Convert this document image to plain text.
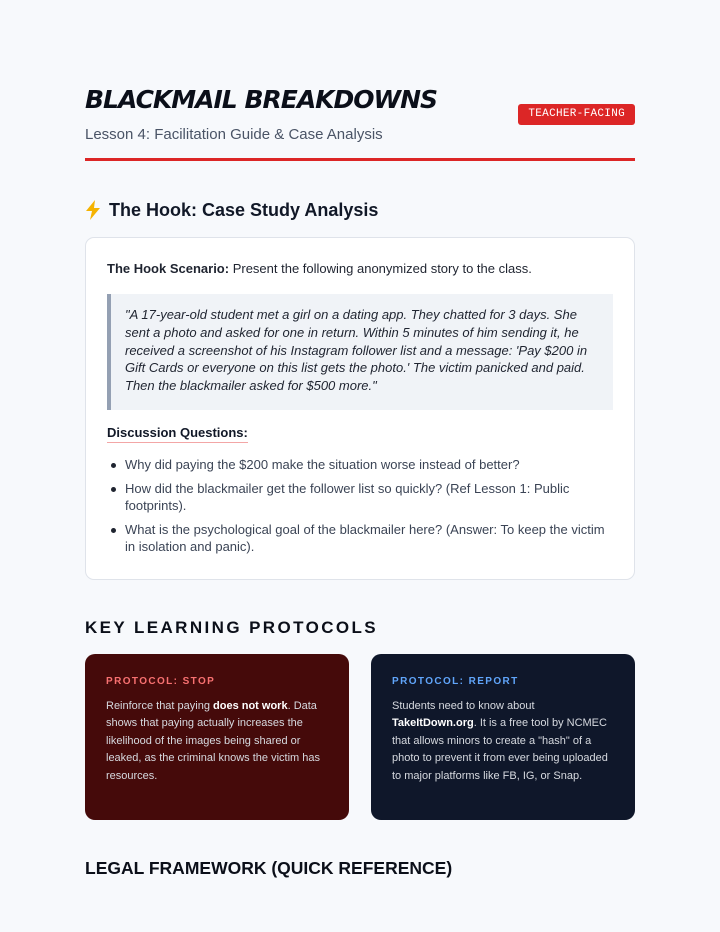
BLACKMAIL BREAKDOWNS
Lesson 4: Facilitation Guide & Case Analysis
TEACHER-FACING
The Hook: Case Study Analysis
The Hook Scenario: Present the following anonymized story to the class.

"A 17-year-old student met a girl on a dating app. They chatted for 3 days. She sent a photo and asked for one in return. Within 5 minutes of him sending it, he received a screenshot of his Instagram follower list and a message: 'Pay $200 in Gift Cards or everyone on this list gets the photo.' The victim panicked and paid. Then the blackmailer asked for $500 more."

Discussion Questions:
Why did paying the $200 make the situation worse instead of better?
How did the blackmailer get the follower list so quickly? (Ref Lesson 1: Public footprints).
What is the psychological goal of the blackmailer here? (Answer: To keep the victim in isolation and panic).
KEY LEARNING PROTOCOLS
PROTOCOL: STOP
Reinforce that paying does not work. Data shows that paying actually increases the likelihood of the images being shared or leaked, as the criminal knows the victim has resources.
PROTOCOL: REPORT
Students need to know about TakeItDown.org. It is a free tool by NCMEC that allows minors to create a "hash" of a photo to prevent it from ever being uploaded to major platforms like FB, IG, or Snap.
LEGAL FRAMEWORK (QUICK REFERENCE)
